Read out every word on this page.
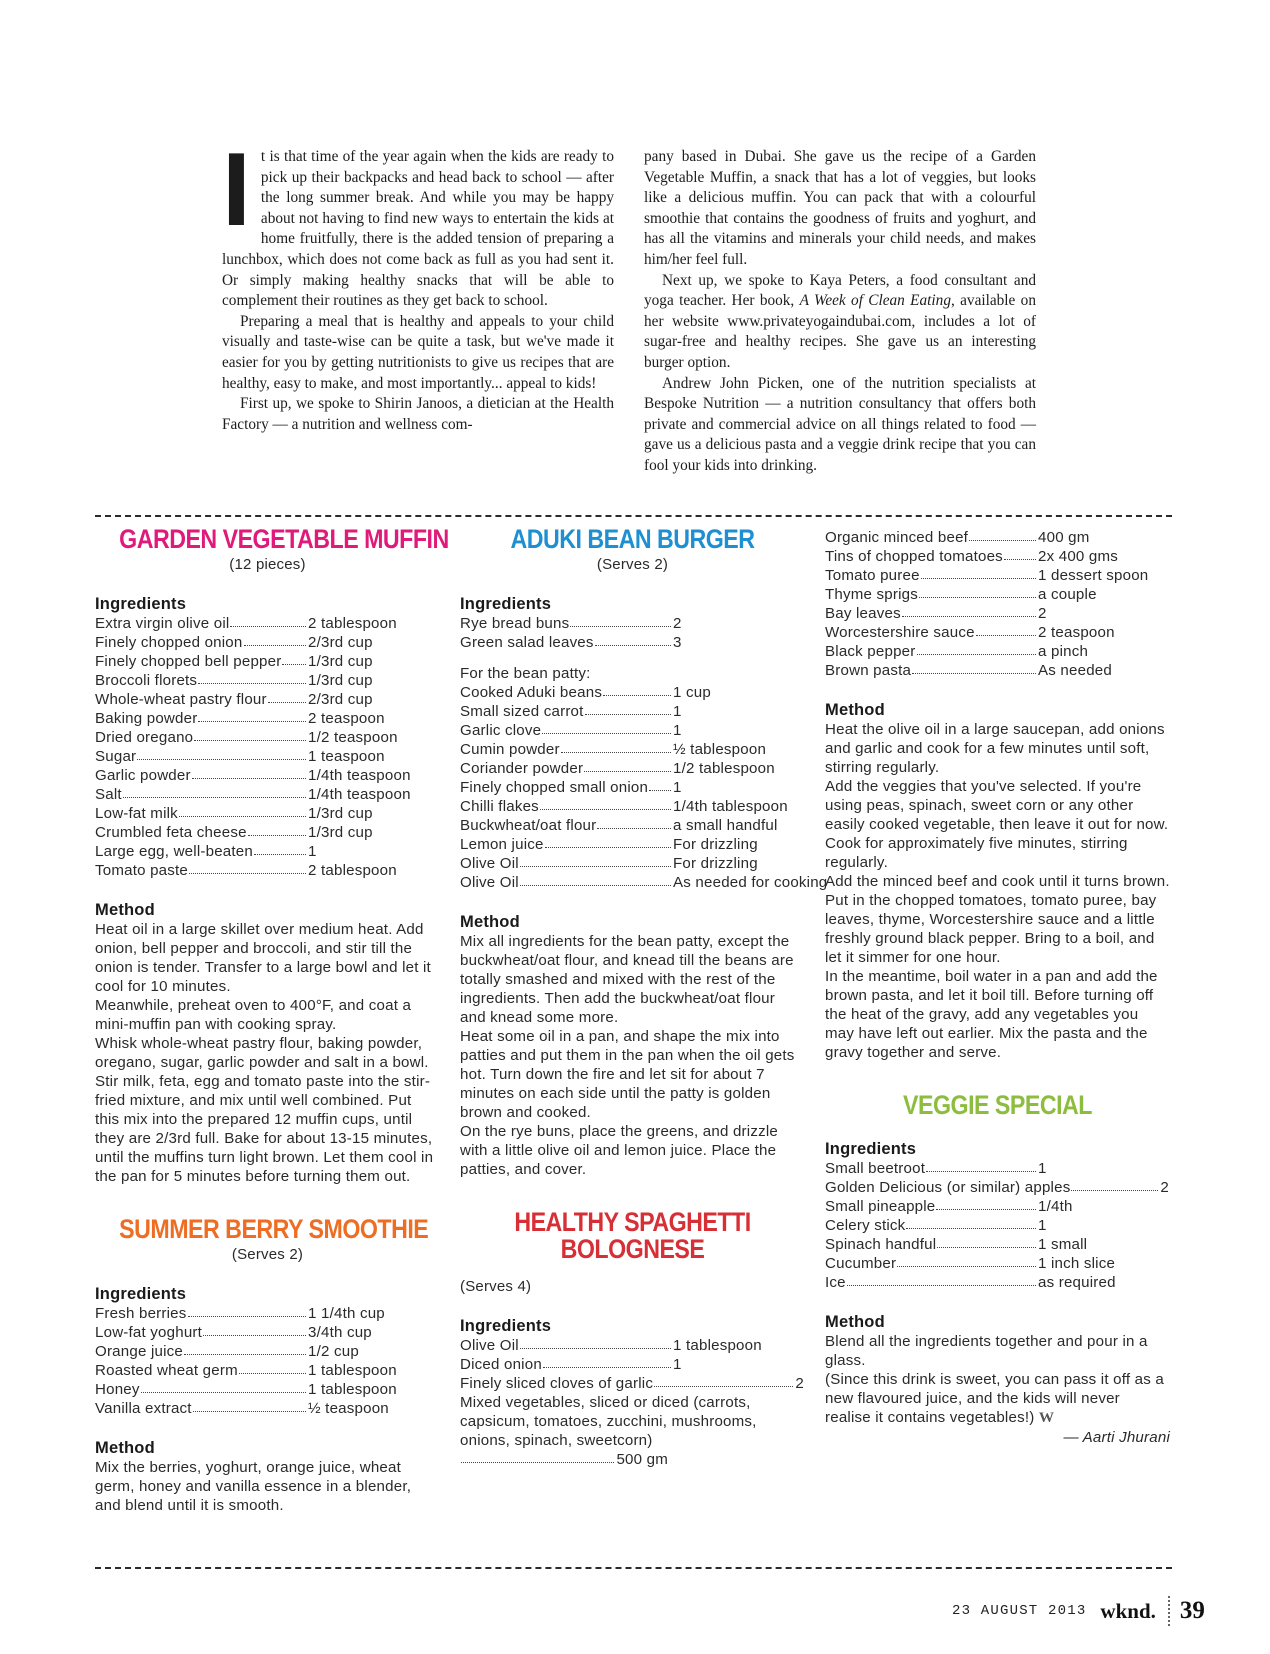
It is that time of the year again when the kids are ready to pick up their backpacks and head back to school — after the long summer break. And while you may be happy about not having to find new ways to entertain the kids at home fruitfully, there is the added tension of preparing a lunchbox, which does not come back as full as you had sent it. Or simply making healthy snacks that will be able to complement their routines as they get back to school.

Preparing a meal that is healthy and appeals to your child visually and taste-wise can be quite a task, but we've made it easier for you by getting nutritionists to give us recipes that are healthy, easy to make, and most importantly... appeal to kids!

First up, we spoke to Shirin Janoos, a dietician at the Health Factory — a nutrition and wellness com-

pany based in Dubai. She gave us the recipe of a Garden Vegetable Muffin, a snack that has a lot of veggies, but looks like a delicious muffin. You can pack that with a colourful smoothie that contains the goodness of fruits and yoghurt, and has all the vitamins and minerals your child needs, and makes him/her feel full.

Next up, we spoke to Kaya Peters, a food consultant and yoga teacher. Her book, A Week of Clean Eating, available on her website www.privateyogaindubai.com, includes a lot of sugar-free and healthy recipes. She gave us an interesting burger option.

Andrew John Picken, one of the nutrition specialists at Bespoke Nutrition — a nutrition consultancy that offers both private and commercial advice on all things related to food — gave us a delicious pasta and a veggie drink recipe that you can fool your kids into drinking.

GARDEN VEGETABLE MUFFIN
(12 pieces)
Ingredients
Extra virgin olive oil	2 tablespoon
Finely chopped onion	2/3rd cup
Finely chopped bell pepper 1/3rd cup
Broccoli florets	1/3rd cup
Whole-wheat pastry flour	2/3rd cup
Baking powder	2 teaspoon
Dried oregano	1/2 teaspoon
Sugar	1 teaspoon
Garlic powder	1/4th teaspoon
Salt	1/4th teaspoon
Low-fat milk	1/3rd cup
Crumbled feta cheese	1/3rd cup
Large egg, well-beaten	1
Tomato paste	2 tablespoon
Method

Heat oil in a large skillet over medium heat. Add onion, bell pepper and broccoli, and stir till the onion is tender. Transfer to a large bowl and let it cool for 10 minutes.

Meanwhile, preheat oven to 400°F, and coat a mini-muffin pan with cooking spray.

Whisk whole-wheat pastry flour, baking powder, oregano, sugar, garlic powder and salt in a bowl.

Stir milk, feta, egg and tomato paste into the stir-fried mixture, and mix until well combined. Put this mix into the prepared 12 muffin cups, until they are 2/3rd full. Bake for about 13-15 minutes, until the muffins turn light brown. Let them cool in the pan for 5 minutes before turning them out.

SUMMER BERRY SMOOTHIE
(Serves 2)
Ingredients
Fresh berries	1 1/4th cup
Low-fat yoghurt	3/4th cup
Orange juice	1/2 cup
Roasted wheat germ	1 tablespoon
Honey	1 tablespoon
Vanilla extract	½ teaspoon
Method

Mix the berries, yoghurt, orange juice, wheat germ, honey and vanilla essence in a blender, and blend until it is smooth.

ADUKI BEAN BURGER
(Serves 2)
Ingredients
Rye bread buns	2
Green salad leaves	3
For the bean patty:
Cooked Aduki beans	1 cup
Small sized carrot	1
Garlic clove	1
Cumin powder	½ tablespoon
Coriander powder	1/2 tablespoon
Finely chopped small onion 1
Chilli flakes	1/4th tablespoon
Buckwheat/oat flour	a small handful
Lemon juice	For drizzling
Olive Oil	For drizzling
Olive Oil	As needed for cooking
Method

Mix all ingredients for the bean patty, except the buckwheat/oat flour, and knead till the beans are totally smashed and mixed with the rest of the ingredients. Then add the buckwheat/oat flour and knead some more.

Heat some oil in a pan, and shape the mix into patties and put them in the pan when the oil gets hot. Turn down the fire and let sit for about 7 minutes on each side until the patty is golden brown and cooked.

On the rye buns, place the greens, and drizzle with a little olive oil and lemon juice. Place the patties, and cover.

HEALTHY SPAGHETTI
BOLOGNESE
(Serves 4)
Ingredients
Olive Oil	1 tablespoon
Diced onion	1
Finely sliced cloves of garlic	2
Mixed vegetables, sliced or diced (carrots, capsicum, tomatoes, zucchini, mushrooms, onions, spinach, sweetcorn)
500 gm
Organic minced beef	400 gm
Tins of chopped tomatoes 2x 400 gms
Tomato puree	1 dessert spoon
Thyme sprigs	a couple
Bay leaves	2
Worcestershire sauce	2 teaspoon
Black pepper	a pinch
Brown pasta	As needed
Method

Heat the olive oil in a large saucepan, add onions and garlic and cook for a few minutes until soft, stirring regularly.

Add the veggies that you've selected. If you're using peas, spinach, sweet corn or any other easily cooked vegetable, then leave it out for now. Cook for approximately five minutes, stirring regularly.

Add the minced beef and cook until it turns brown.

Put in the chopped tomatoes, tomato puree, bay leaves, thyme, Worcestershire sauce and a little freshly ground black pepper. Bring to a boil, and let it simmer for one hour.

In the meantime, boil water in a pan and add the brown pasta, and let it boil till. Before turning off the heat of the gravy, add any vegetables you may have left out earlier. Mix the pasta and the gravy together and serve.

VEGGIE SPECIAL
Ingredients
Small beetroot	1
Golden Delicious (or similar) apples	2
Small pineapple	1/4th
Celery stick	1
Spinach handful	1 small
Cucumber	1 inch slice
Ice	as required
Method

Blend all the ingredients together and pour in a glass.

(Since this drink is sweet, you can pass it off as a new flavoured juice, and the kids will never realise it contains vegetables!) W

— Aarti Jhurani

23 AUGUST 2013 wknd. 39
